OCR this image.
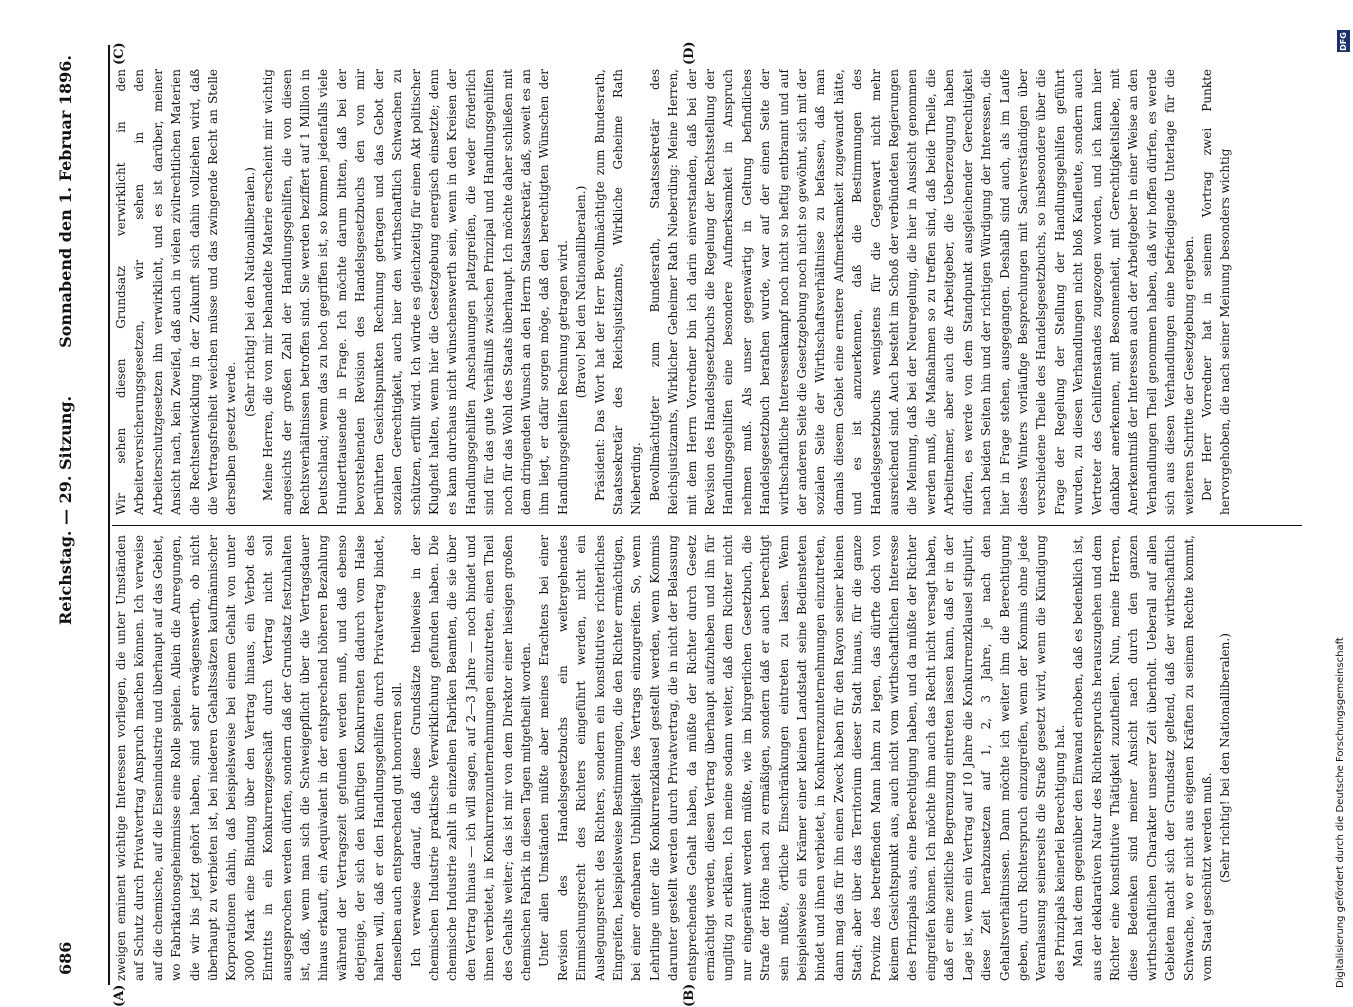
686
Reichstag. — 29. Sitzung.
Sonnabend den 1. Februar 1896.
(A)	(B)
(C)	(D)

zweigen eminent wichtige Interessen vorliegen, die unter Umständen auf Schutz durch Privatvertrag Anspruch machen können. Ich verweise auf die chemische, auf die Eisenindustrie und überhaupt auf das Gebiet, wo Fabrikationsgeheimnisse eine Rolle spielen. Allein die Anregungen, die wir bis jetzt gehört haben, sind sehr erwägenswerth, ob nicht überhaupt zu verbieten ist, bei niederen Gehaltssätzen kaufmännischer Korporationen dahin, daß beispielsweise bei einem Gehalt von unter 3000 Mark eine Bindung über den Vertrag hinaus, ein Verbot des Eintritts in ein Konkurrenzgeschäft durch Vertrag nicht soll ausgesprochen werden dürfen, sondern daß der Grundsatz festzuhalten ist, daß, wenn man sich die Schweigepflicht über die Vertragsdauer hinaus erkauft, ein Aequivalent in der entsprechend höheren Bezahlung während der Vertragszeit gefunden werden muß, und daß ebenso derjenige, der sich den künftigen Konkurrenten dadurch vom Halse halten will, daß er den Handlungsgehilfen durch Privatvertrag bindet, denselben auch entsprechend gut honoriren soll. Ich verweise darauf, daß diese Grundsätze theilweise in der chemischen Industrie praktische Verwirklichung gefunden haben. Die chemische Industrie zahlt in einzelnen Fabriken Beamten, die sie über den Vertrag hinaus — ich will sagen, auf 2—3 Jahre — noch bindet und ihnen verbietet, in Konkurrenzunternehmungen einzutreten, einen Theil des Gehalts weiter; das ist mir von dem Direktor einer hiesigen großen chemischen Fabrik in diesen Tagen mitgetheilt worden. Unter allen Umständen müßte aber meines Erachtens bei einer Revision des Handelsgesetzbuchs ein weitergehendes Einmischungsrecht des Richters eingeführt werden, nicht ein Auslegungsrecht des Richters, sondern ein konstitutives richterliches Eingreifen, beispielsweise Bestimmungen, die den Richter ermächtigen, bei einer offenbaren Unbilligkeit des Vertrags einzugreifen. So, wenn Lehrlinge unter die Konkurrenzklausel gestellt werden, wenn Kommis darunter gestellt werden durch Privatvertrag, die in nicht der Belassung entsprechendes Gehalt haben, da müßte der Richter durch Gesetz ermächtigt werden, diesen Vertrag überhaupt aufzuheben und ihn für ungiltig zu erklären. Ich meine sodann weiter, daß dem Richter nicht nur eingeräumt werden müßte, wie im bürgerlichen Gesetzbuch, die Strafe der Höhe nach zu ermäßigen, sondern daß er auch berechtigt sein müßte, örtliche Einschränkungen eintreten zu lassen. Wenn beispielsweise ein Krämer einer kleinen Landstadt seine Bediensteten bindet und ihnen verbietet, in Konkurrenzunternehmungen einzutreten, dann mag das für ihn einen Zweck haben für den Rayon seiner kleinen Stadt; aber über das Territorium dieser Stadt hinaus, für die ganze Provinz des betreffenden Mann lahm zu legen, das dürfte doch von keinem Gesichtspunkt aus, auch nicht vom wirthschaftlichen Interesse des Prinzipals aus, eine Berechtigung haben, und da müßte der Richter eingreifen können. Ich möchte ihm auch das Recht nicht versagt haben, daß er eine zeitliche Begrenzung eintreten lassen kann, daß er in der Lage ist, wenn ein Vertrag auf 10 Jahre die Konkurrenzklausel stipulirt, diese Zeit herabzusetzen auf 1, 2, 3 Jahre, je nach den Gehaltsverhältnissen. Dann möchte ich weiter ihm die Berechtigung geben, durch Richterspruch einzugreifen, wenn der Kommis ohne jede Veranlassung seinerseits die Straße gesetzt wird, wenn die Kündigung des Prinzipals keinerlei Berechtigung hat. Man hat dem gegenüber den Einwand erhoben, daß es bedenklich ist, aus der deklarativen Natur des Richterspruchs herauszugehen und dem Richter eine konstitutive Thätigkeit zuzutheilen. Nun, meine Herren, diese Bedenken sind meiner Ansicht nach durch den ganzen wirthschaftlichen Charakter unserer Zeit überholt. Ueberall auf allen Gebieten macht sich der Grundsatz geltend, daß der wirthschaftlich Schwache, wo er nicht aus eigenen Kräften zu seinem Rechte kommt, vom Staat geschützt werden muß. (Sehr richtig! bei den Nationalliberalen.)

Wir sehen diesen Grundsatz verwirklicht in den Arbeiterversicherungsgesetzen, wir sehen in den Arbeiterschutzgesetzen ihn verwirklicht, und es ist darüber, meiner Ansicht nach, kein Zweifel, daß auch in vielen zivilrechtlichen Materien die Rechtsentwicklung in der Zukunft sich dahin vollziehen wird, daß die Vertragsfreiheit weichen müsse und das zwingende Recht an Stelle derselben gesetzt werde.

(Sehr richtig! bei den Nationalliberalen.) Meine Herren, die von mir behandelte Materie erscheint mir wichtig angesichts der großen Zahl der Handlungsgehilfen, die von diesen Rechtsverhältnissen betroffen sind. Sie werden beziffert auf 1 Million in Deutschland; wenn das zu hoch gegriffen ist, so kommen jedenfalls viele Hunderttausende in Frage. Ich möchte darum bitten, daß bei der bevorstehenden Revision des Handelsgesetzbuchs den von mir berührten Gesichtspunkten Rechnung getragen und das Gebot der sozialen Gerechtigkeit, auch hier den wirthschaftlich Schwachen zu schützen, erfüllt wird. Ich würde es gleichzeitig für einen Akt politischer Klugheit halten, wenn hier die Gesetzgebung energisch einsetzte; denn es kann durchaus nicht wünschenswerth sein, wenn in den Kreisen der Handlungsgehilfen Anschauungen platzgreifen, die weder förderlich sind für das gute Verhältniß zwischen Prinzipal und Handlungsgehilfen noch für das Wohl des Staats überhaupt. Ich möchte daher schließen mit dem dringenden Wunsch an den Herrn Staatssekretär, daß, soweit es an ihm liegt, er dafür sorgen möge, daß den berechtigten Wünschen der Handlungsgehilfen Rechnung getragen wird. (Bravo! bei den Nationalliberalen.) Präsident: Das Wort hat der Herr Bevollmächtigte zum Bundesrath, Staatssekretär des Reichsjustizamts, Wirkliche Geheime Rath Nieberding. Bevollmächtigter zum Bundesrath, Staatssekretär des Reichsjustizamts, Wirklicher Geheimer Rath Nieberding: Meine Herren, mit dem Herrn Vorredner bin ich darin einverstanden, daß bei der Revision des Handelsgesetzbuchs die Regelung der Rechtsstellung der Handlungsgehilfen eine besondere Aufmerksamkeit in Anspruch nehmen muß. Als unser gegenwärtig in Geltung befindliches Handelsgesetzbuch berathen wurde, war auf der einen Seite der wirthschaftliche Interessenkampf noch nicht so heftig entbrannt und auf der anderen Seite die Gesetzgebung noch nicht so gewöhnt, sich mit der sozialen Seite der Wirthschaftsverhältnisse zu befassen, daß man damals diesem Gebiet eine ernstere Aufmerksamkeit zugewandt hätte, und es ist anzuerkennen, daß die Bestimmungen des Handelsgesetzbuchs wenigstens für die Gegenwart nicht mehr ausreichend sind. Auch besteht im Schoß der verbündeten Regierungen die Meinung, daß bei der Neuregelung, die hier in Aussicht genommen werden muß, die Maßnahmen so zu treffen sind, daß beide Theile, die Arbeitnehmer, aber auch die Arbeitgeber, die Ueberzeugung haben dürfen, es werde von dem Standpunkt ausgleichender Gerechtigkeit nach beiden Seiten hin und der richtigen Würdigung der Interessen, die hier in Frage stehen, ausgegangen. Deshalb sind auch, als im Laufe dieses Winters vorläufige Besprechungen mit Sachverständigen über verschiedene Theile des Handelsgesetzbuchs, so insbesondere über die Frage der Regelung der Stellung der Handlungsgehilfen geführt wurden, zu diesen Verhandlungen nicht bloß Kaufleute, sondern auch Vertreter des Gehilfenstandes zugezogen worden, und ich kann hier dankbar anerkennen, mit Besonnenheit, mit Gerechtigkeitsliebe, mit Anerkenntniß der Interessen auch der Arbeitgeber in einer Weise an den Verhandlungen Theil genommen haben, daß wir hoffen dürfen, es werde sich aus diesen Verhandlungen eine befriedigende Unterlage für die weiteren Schritte der Gesetzgebung ergeben. Der Herr Vorredner hat in seinem Vortrag zwei Punkte hervorgehoben, die nach seiner Meinung besonders wichtig

Digitalisierung gefördert durch die Deutsche Forschungsgemeinschaft
DFG
